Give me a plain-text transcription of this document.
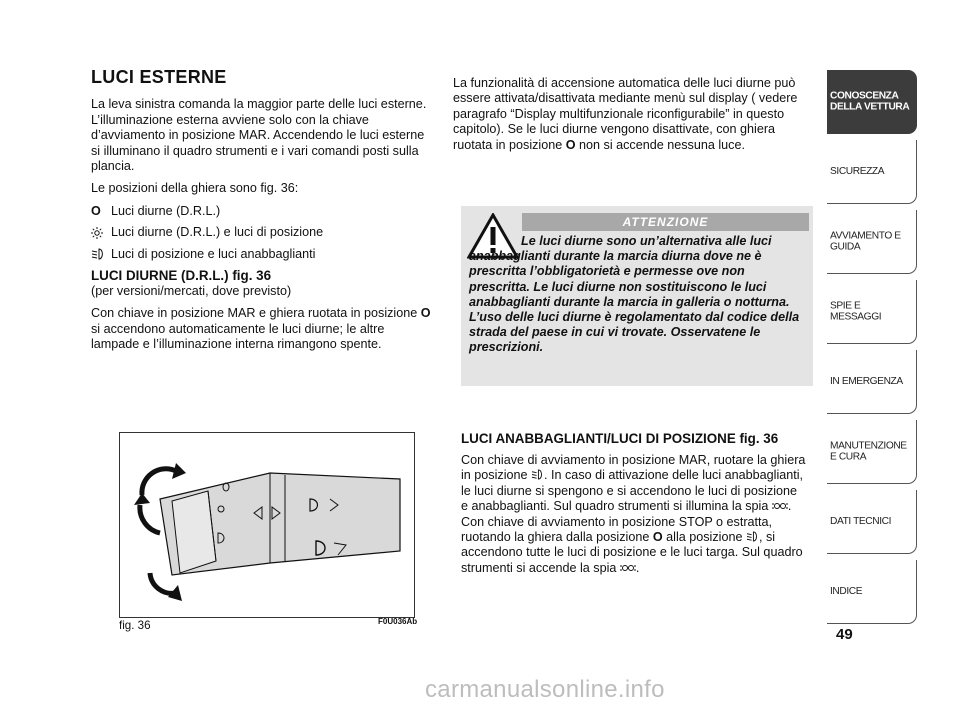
LUCI ESTERNE

La leva sinistra comanda la maggior parte delle luci esterne. L’illuminazione esterna avviene solo con la chiave d’avviamento in posizione MAR. Accendendo le luci esterne si illuminano il quadro strumenti e i vari comandi posti sulla plancia.

Le posizioni della ghiera sono fig. 36:

O Luci diurne (D.R.L.)
Luci diurne (D.R.L.) e luci di posizione
Luci di posizione e luci anabbaglianti
LUCI DIURNE (D.R.L.) fig. 36

(per versioni/mercati, dove previsto)

Con chiave in posizione MAR e ghiera ruotata in posizione O si accendono automaticamente le luci diurne; le altre lampade e l’illuminazione interna rimangono spente.

fig. 36	F0U036Ab

La funzionalità di accensione automatica delle luci diurne può essere attivata/disattivata mediante menù sul display ( vedere paragrafo “Display multifunzionale riconfigurabile” in questo capitolo). Se le luci diurne vengono disattivate, con ghiera ruotata in posizione O non si accende nessuna luce.

ATTENZIONE
Le luci diurne sono un’alternativa alle luci anabbaglianti durante la marcia diurna dove ne è prescritta l’obbligatorietà e permesse ove non prescritta. Le luci diurne non sostituiscono le luci anabbaglianti durante la marcia in galleria o notturna. L’uso delle luci diurne è regolamentato dal codice della strada del paese in cui vi trovate. Osservatene le prescrizioni.
LUCI ANABBAGLIANTI/LUCI DI POSIZIONE fig. 36

Con chiave di avviamento in posizione MAR, ruotare la ghiera in posizione . In caso di attivazione delle luci anabbaglianti, le luci diurne si spengono e si accendono le luci di posizione e anabbaglianti. Sul quadro strumenti si illumina la spia . Con chiave di avviamento in posizione STOP o estratta, ruotando la ghiera dalla posizione O alla posizione , si accendono tutte le luci di posizione e le luci targa. Sul quadro strumenti si accende la spia .

CONOSCENZA DELLA VETTURA
SICUREZZA
AVVIAMENTO E GUIDA
SPIE E MESSAGGI
IN EMERGENZA
MANUTENZIONE E CURA
DATI TECNICI
INDICE
49
carmanualsonline.info
